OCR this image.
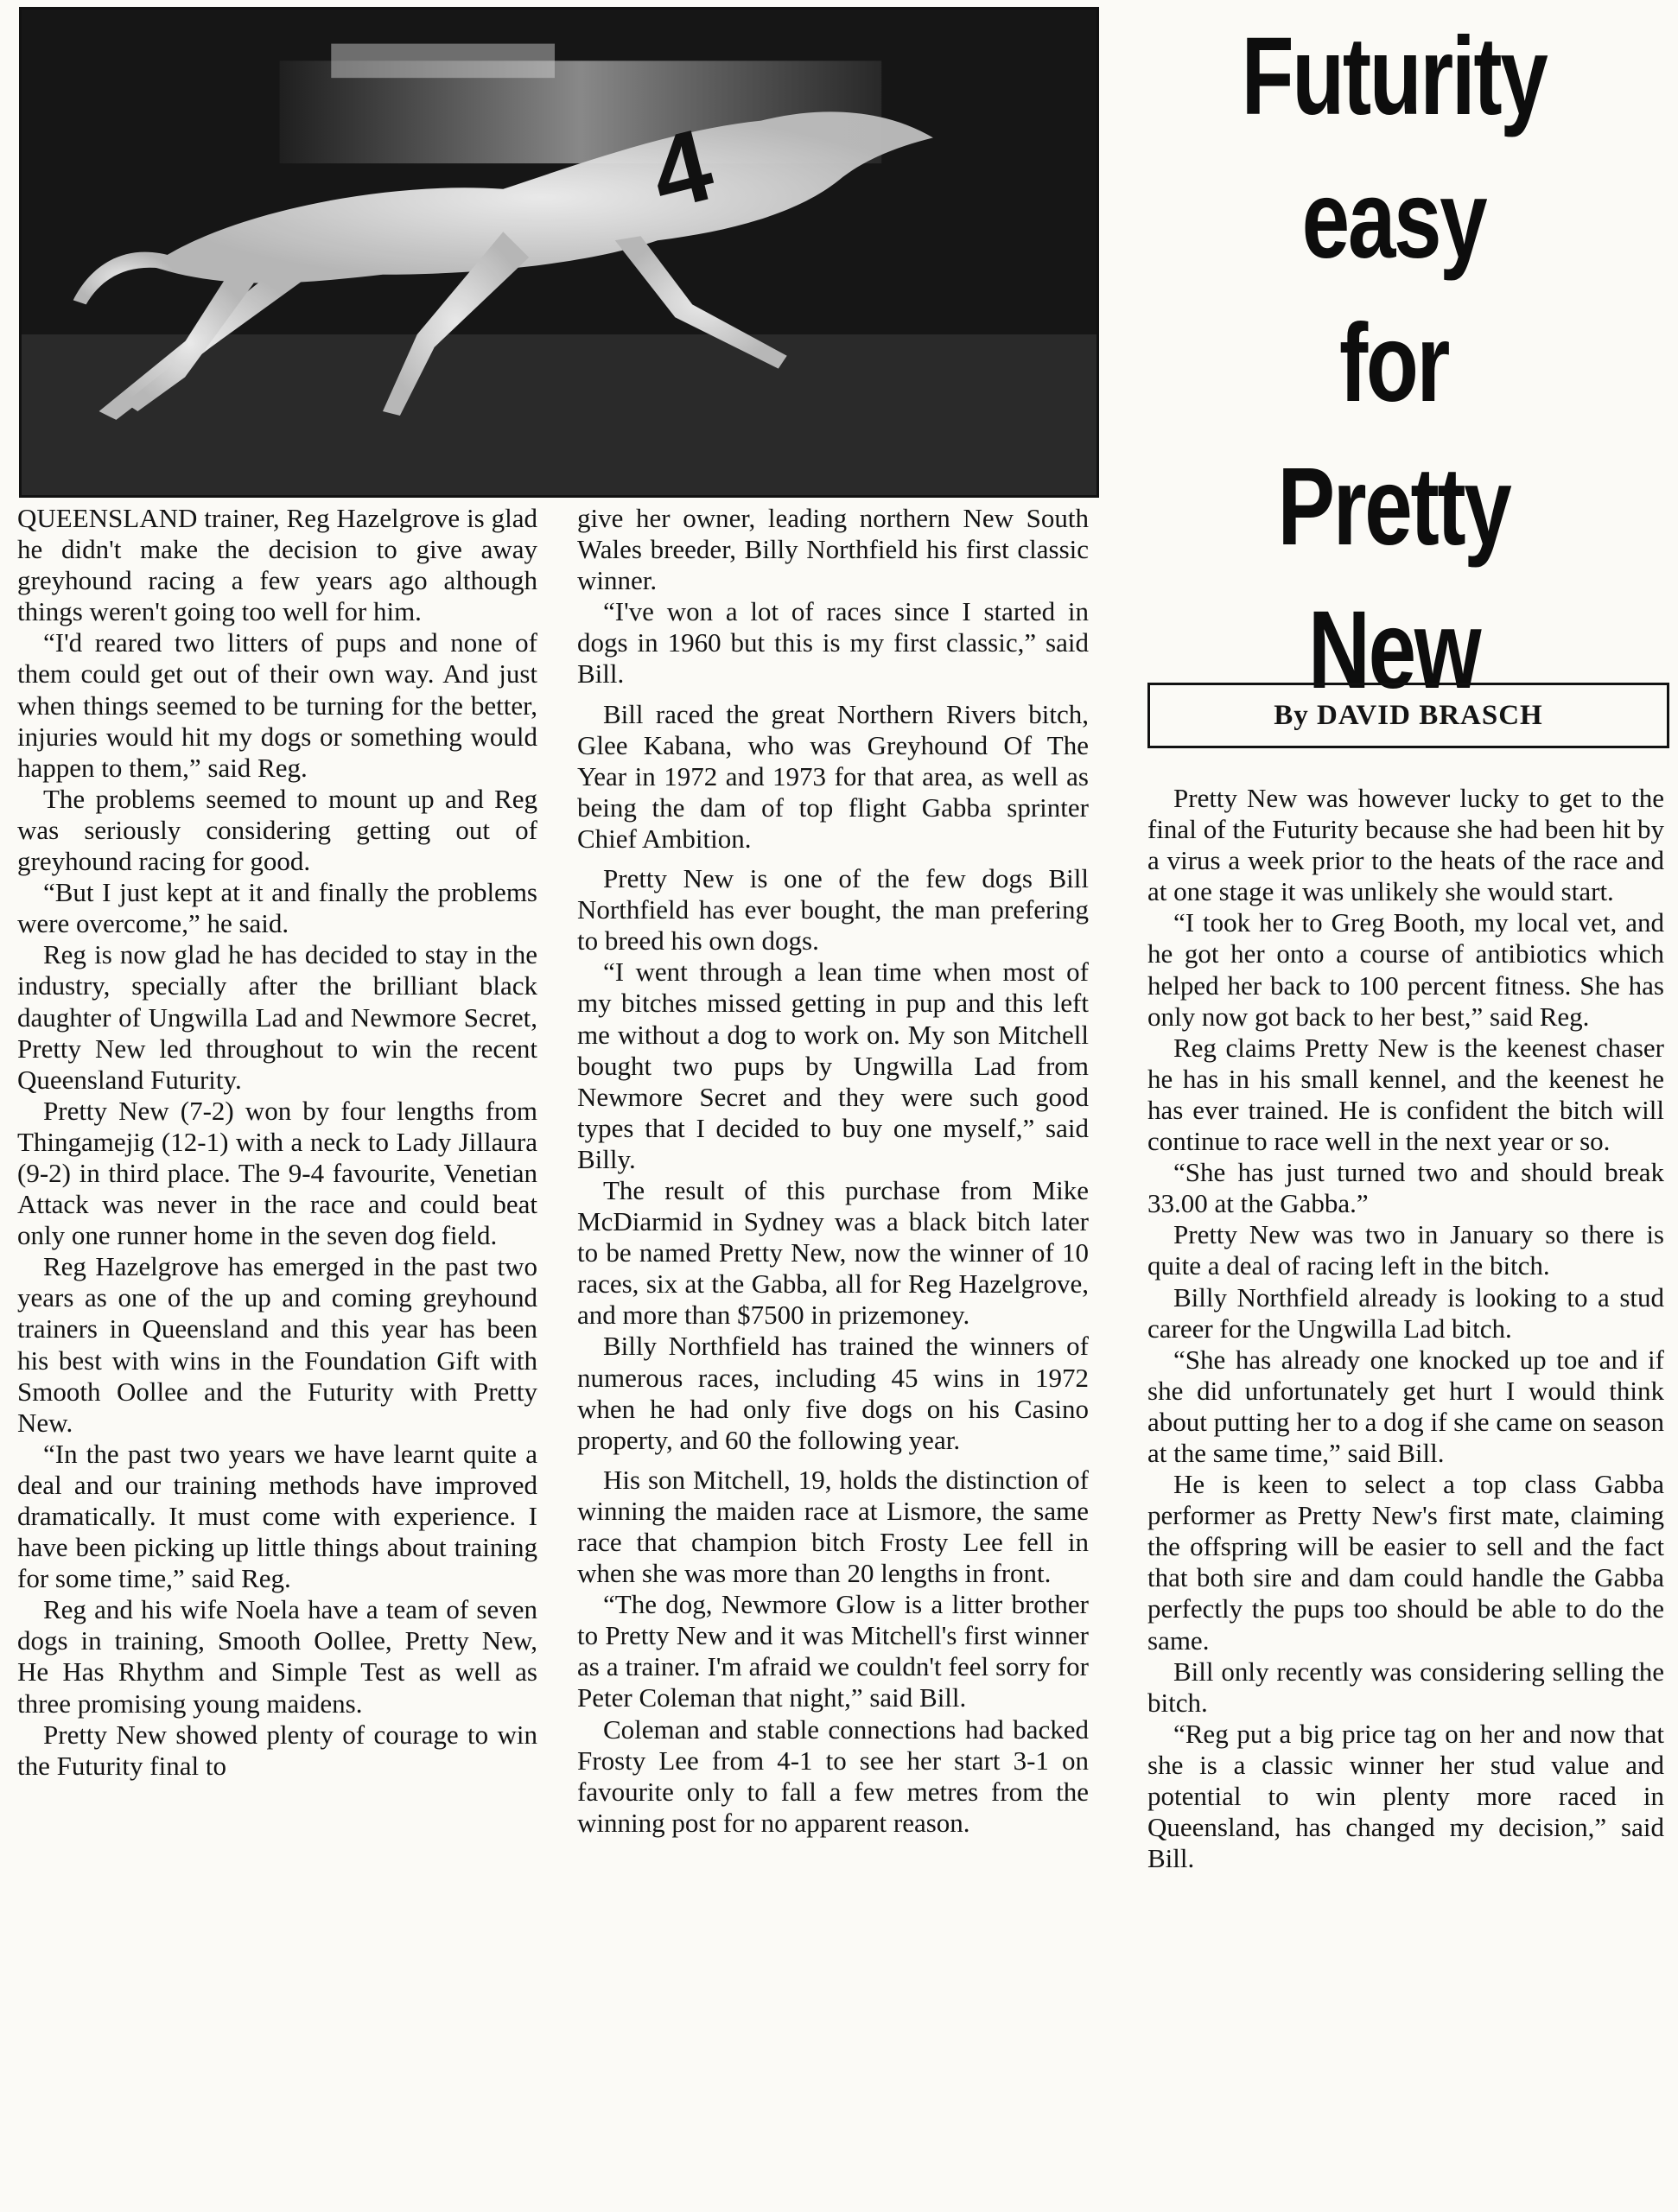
4
Futurity
easy
for
Pretty
New
By DAVID BRASCH

QUEENSLAND trainer, Reg Hazelgrove is glad he didn't make the decision to give away greyhound racing a few years ago although things weren't going too well for him.

“I'd reared two litters of pups and none of them could get out of their own way. And just when things seemed to be turning for the better, injuries would hit my dogs or something would happen to them,” said Reg.

The problems seemed to mount up and Reg was seriously considering getting out of greyhound racing for good.

“But I just kept at it and finally the problems were overcome,” he said.

Reg is now glad he has decided to stay in the industry, specially after the brilliant black daughter of Ungwilla Lad and Newmore Secret, Pretty New led throughout to win the recent Queensland Futurity.

Pretty New (7-2) won by four lengths from Thingamejig (12-1) with a neck to Lady Jillaura (9-2) in third place. The 9-4 favourite, Venetian Attack was never in the race and could beat only one runner home in the seven dog field.

Reg Hazelgrove has emerged in the past two years as one of the up and coming greyhound trainers in Queensland and this year has been his best with wins in the Foundation Gift with Smooth Oollee and the Futurity with Pretty New.

“In the past two years we have learnt quite a deal and our training methods have improved dramatically. It must come with experience. I have been picking up little things about training for some time,” said Reg.

Reg and his wife Noela have a team of seven dogs in training, Smooth Oollee, Pretty New, He Has Rhythm and Simple Test as well as three promising young maidens.

Pretty New showed plenty of courage to win the Futurity final to

give her owner, leading northern New South Wales breeder, Billy Northfield his first classic winner.

“I've won a lot of races since I started in dogs in 1960 but this is my first classic,” said Bill.

Bill raced the great Northern Rivers bitch, Glee Kabana, who was Greyhound Of The Year in 1972 and 1973 for that area, as well as being the dam of top flight Gabba sprinter Chief Ambition.

Pretty New is one of the few dogs Bill Northfield has ever bought, the man prefering to breed his own dogs.

“I went through a lean time when most of my bitches missed getting in pup and this left me without a dog to work on. My son Mitchell bought two pups by Ungwilla Lad from Newmore Secret and they were such good types that I decided to buy one myself,” said Billy.

The result of this purchase from Mike McDiarmid in Sydney was a black bitch later to be named Pretty New, now the winner of 10 races, six at the Gabba, all for Reg Hazelgrove, and more than $7500 in prizemoney.

Billy Northfield has trained the winners of numerous races, including 45 wins in 1972 when he had only five dogs on his Casino property, and 60 the following year.

His son Mitchell, 19, holds the distinction of winning the maiden race at Lismore, the same race that champion bitch Frosty Lee fell in when she was more than 20 lengths in front.

“The dog, Newmore Glow is a litter brother to Pretty New and it was Mitchell's first winner as a trainer. I'm afraid we couldn't feel sorry for Peter Coleman that night,” said Bill.

Coleman and stable connections had backed Frosty Lee from 4-1 to see her start 3-1 on favourite only to fall a few metres from the winning post for no apparent reason.

Pretty New was however lucky to get to the final of the Futurity because she had been hit by a virus a week prior to the heats of the race and at one stage it was unlikely she would start.

“I took her to Greg Booth, my local vet, and he got her onto a course of antibiotics which helped her back to 100 percent fitness. She has only now got back to her best,” said Reg.

Reg claims Pretty New is the keenest chaser he has in his small kennel, and the keenest he has ever trained. He is confident the bitch will continue to race well in the next year or so.

“She has just turned two and should break 33.00 at the Gabba.”

Pretty New was two in January so there is quite a deal of racing left in the bitch.

Billy Northfield already is looking to a stud career for the Ungwilla Lad bitch.

“She has already one knocked up toe and if she did unfortunately get hurt I would think about putting her to a dog if she came on season at the same time,” said Bill.

He is keen to select a top class Gabba performer as Pretty New's first mate, claiming the offspring will be easier to sell and the fact that both sire and dam could handle the Gabba perfectly the pups too should be able to do the same.

Bill only recently was considering selling the bitch.

“Reg put a big price tag on her and now that she is a classic winner her stud value and potential to win plenty more raced in Queensland, has changed my decision,” said Bill.
